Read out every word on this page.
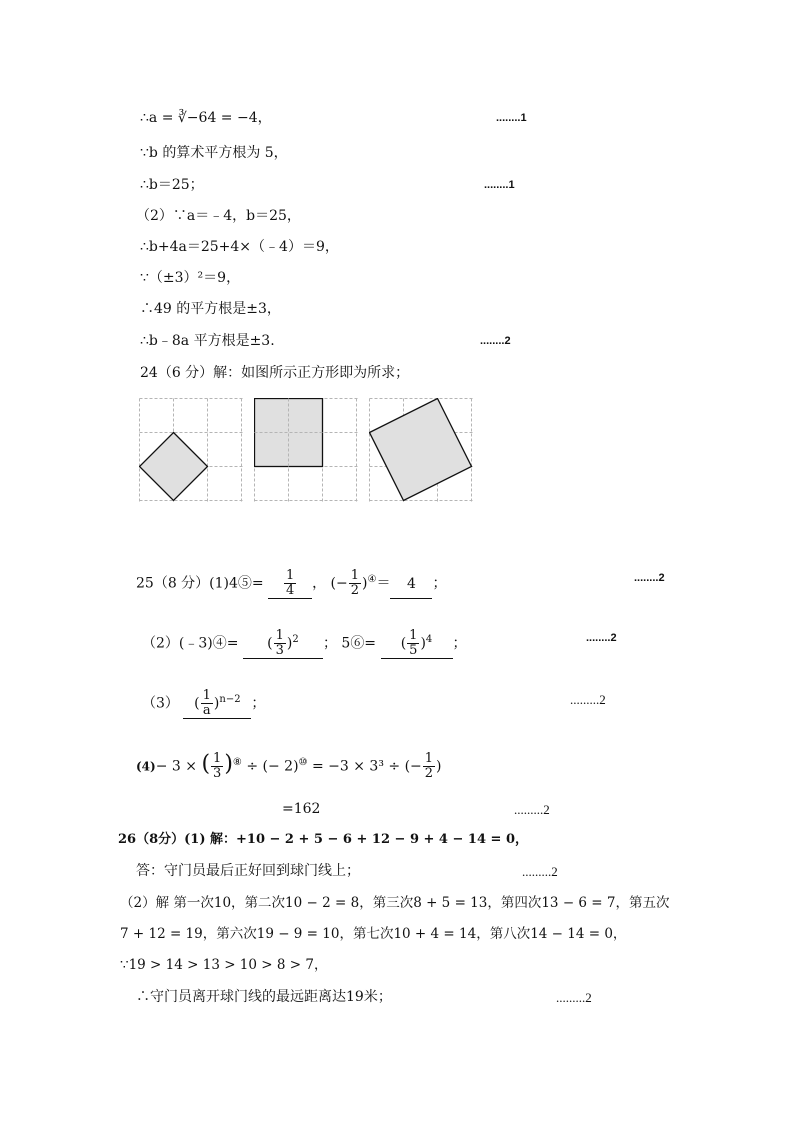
∴a = ∛−64 = −4，	........1
∵b 的算术平方根为 5，
∴b＝25；	........1
（2）∵a＝﹣4，b＝25，
∴b+4a＝25+4×（﹣4）＝9，
∵（±3）²＝9，
∴49 的平方根是±3，
∴b﹣8a 平方根是±3.	........2
24（6 分）解：如图所示正方形即为所求；
25（8 分）(1)4⑤= $\frac{1}{4}$ ， (− $\frac{1}{2} )^④= 4$ ；	........2
（2）(﹣3)④= ( $\frac{1}{3} )^2$ ； 5⑥= ( $\frac{1}{5} )^4$ ；	........2
（3） ( $\frac{1}{a} )^{n-2}$ ；	.........2
(4)− 3 × ( $\frac{1}{3} )^⑧$ ÷ (− 2)⑩ = −3 × 3³ ÷ (− $\frac{1}{2}$ )
=162	.........2
26（8分）(1) 解：+10 − 2 + 5 − 6 + 12 − 9 + 4 − 14 = 0，
答：守门员最后正好回到球门线上；	.........2
（2）解 第一次10，第二次10 − 2 = 8，第三次8 + 5 = 13，第四次13 − 6 = 7，第五次
7 + 12 = 19，第六次19 − 9 = 10，第七次10 + 4 = 14，第八次14 − 14 = 0，
∵19 > 14 > 13 > 10 > 8 > 7，
∴守门员离开球门线的最远距离达19米；	.........2
